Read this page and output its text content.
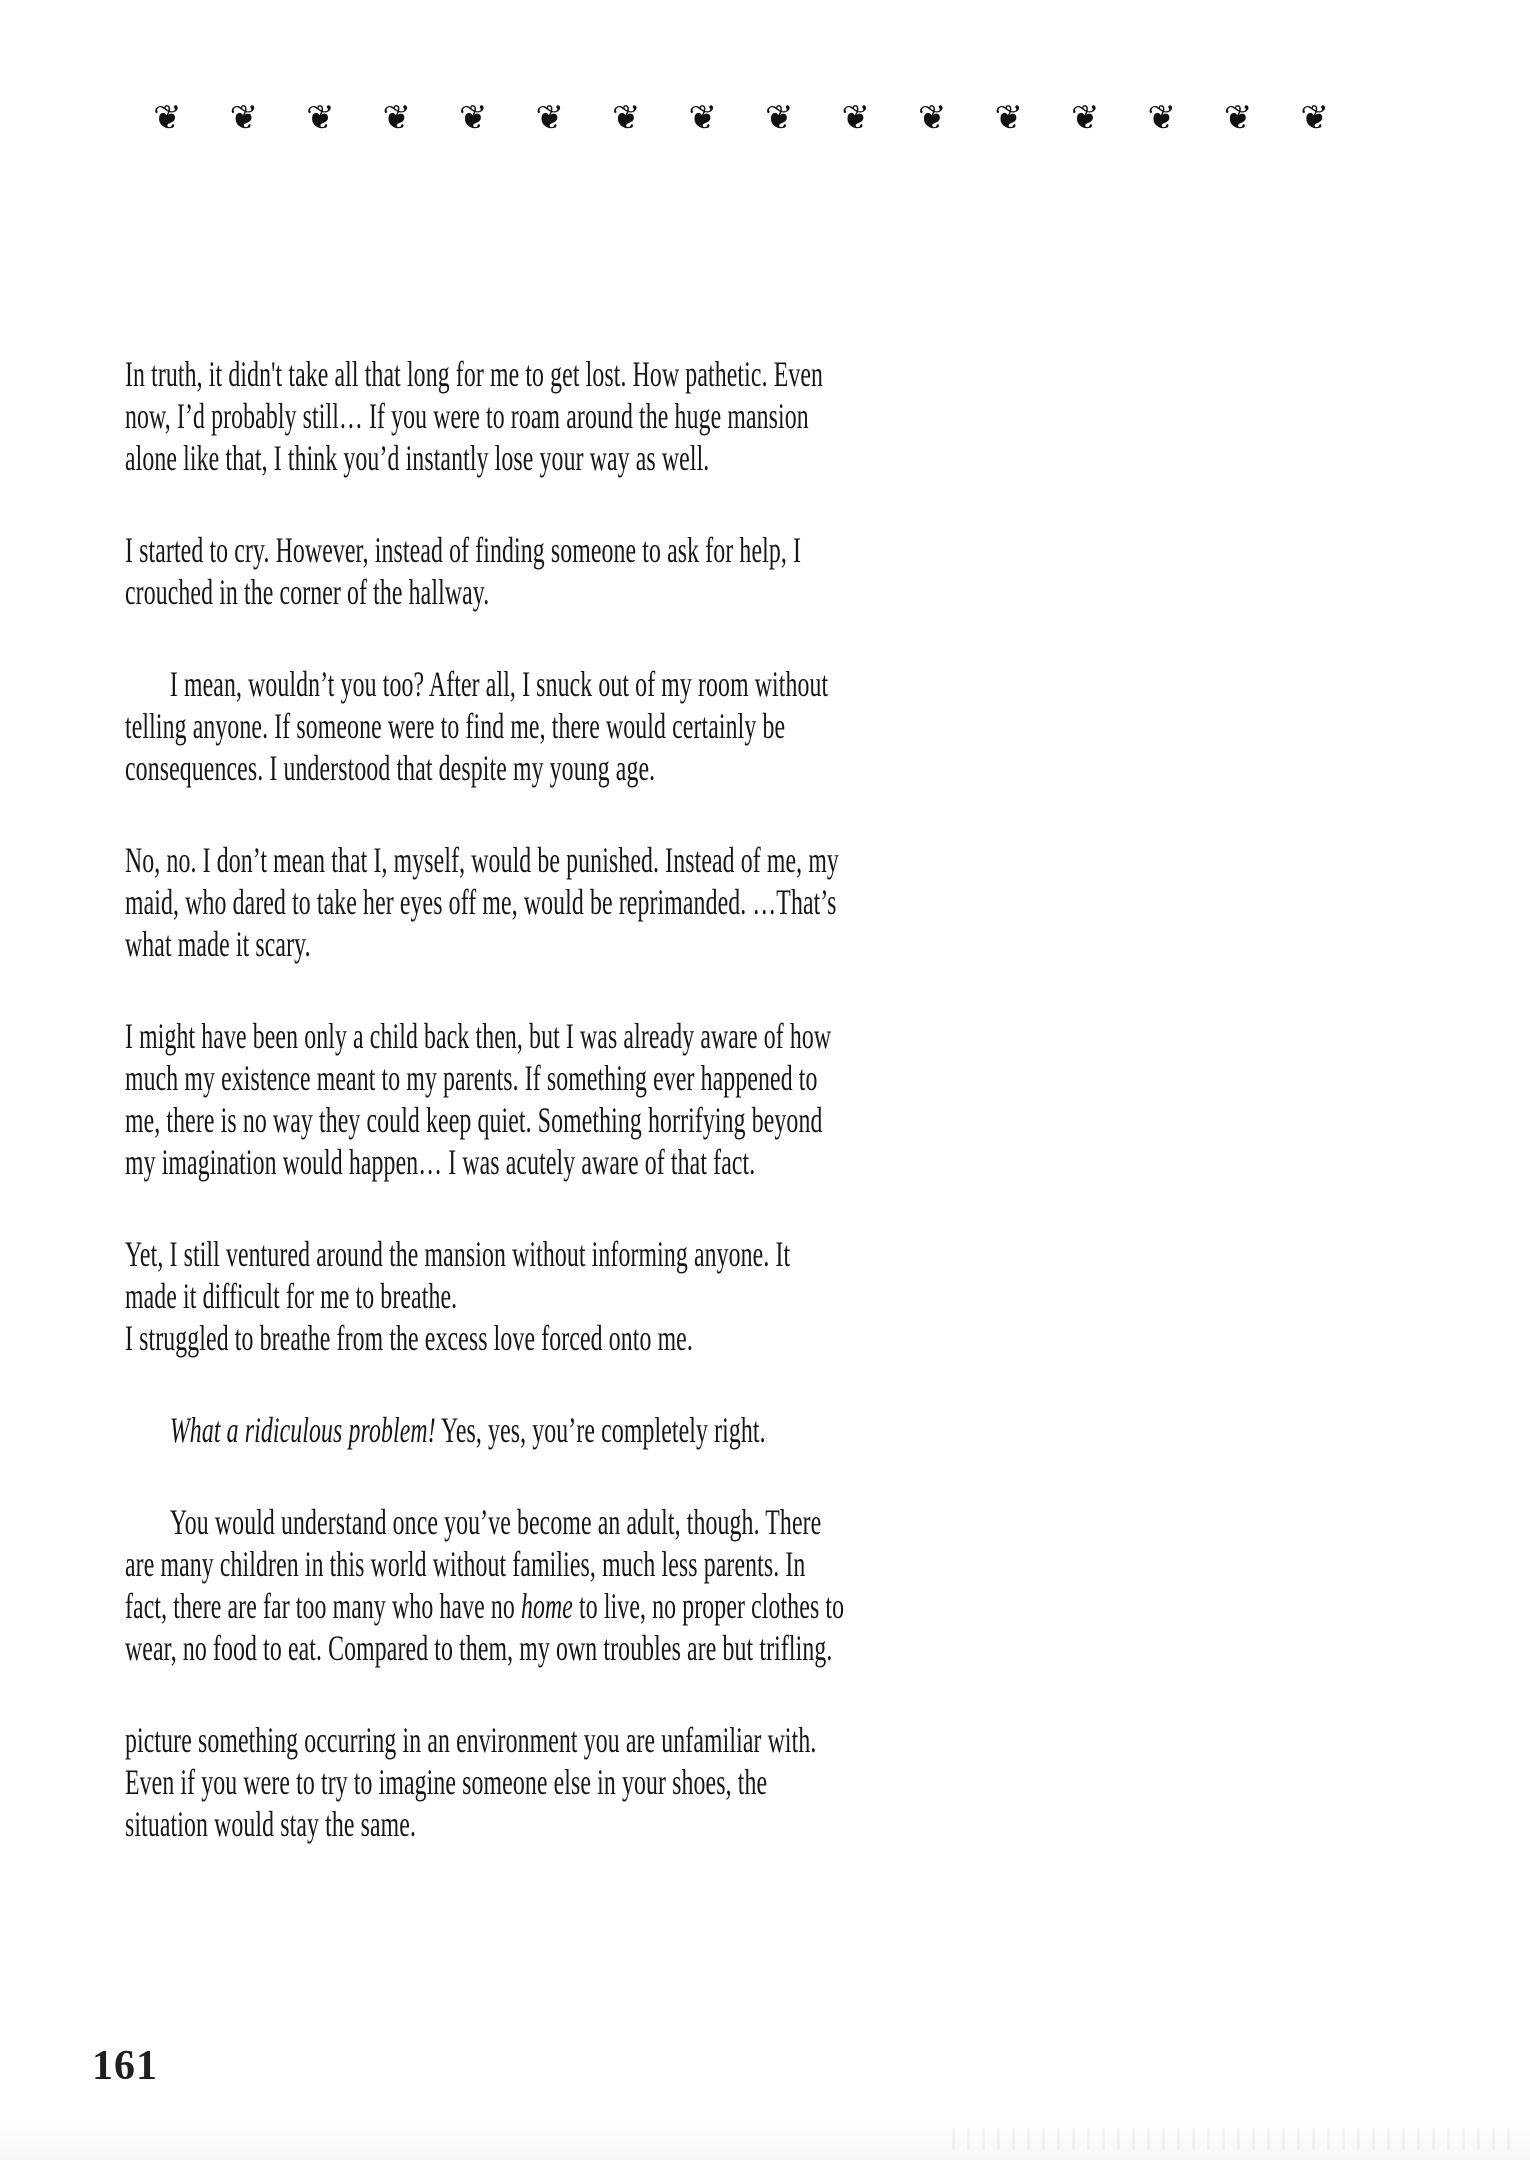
❦❦❦❦❦❦❦❦❦❦❦❦❦❦❦❦

In truth, it didn't take all that long for me to get lost. How pathetic. Even
now, I’d probably still… If you were to roam around the huge mansion
alone like that, I think you’d instantly lose your way as well.

I started to cry. However, instead of finding someone to ask for help, I
crouched in the corner of the hallway.

I mean, wouldn’t you too? After all, I snuck out of my room without
telling anyone. If someone were to find me, there would certainly be
consequences. I understood that despite my young age.

No, no. I don’t mean that I, myself, would be punished. Instead of me, my
maid, who dared to take her eyes off me, would be reprimanded. …That’s
what made it scary.

I might have been only a child back then, but I was already aware of how
much my existence meant to my parents. If something ever happened to
me, there is no way they could keep quiet. Something horrifying beyond
my imagination would happen… I was acutely aware of that fact.

Yet, I still ventured around the mansion without informing anyone. It
made it difficult for me to breathe.
I struggled to breathe from the excess love forced onto me.

What a ridiculous problem! Yes, yes, you’re completely right.

You would understand once you’ve become an adult, though. There
are many children in this world without families, much less parents. In
fact, there are far too many who have no home to live, no proper clothes to
wear, no food to eat. Compared to them, my own troubles are but trifling.

picture something occurring in an environment you are unfamiliar with.
Even if you were to try to imagine someone else in your shoes, the
situation would stay the same.

161
